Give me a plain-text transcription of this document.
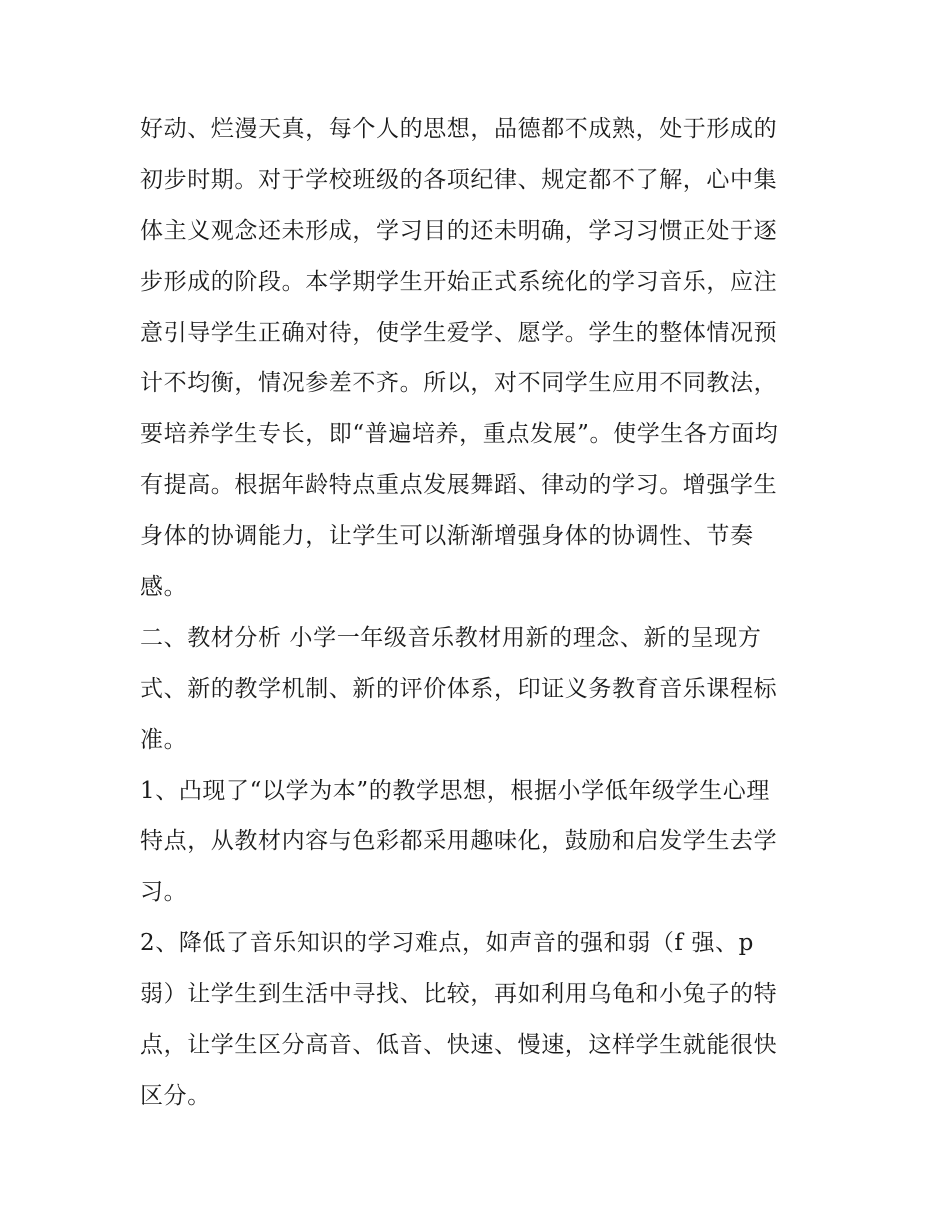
好动、烂漫天真，每个人的思想，品德都不成熟，处于形成的
初步时期。对于学校班级的各项纪律、规定都不了解，心中集
体主义观念还未形成，学习目的还未明确，学习习惯正处于逐
步形成的阶段。本学期学生开始正式系统化的学习音乐，应注
意引导学生正确对待，使学生爱学、愿学。学生的整体情况预
计不均衡，情况参差不齐。所以，对不同学生应用不同教法，
要培养学生专长，即“普遍培养，重点发展”。使学生各方面均
有提高。根据年龄特点重点发展舞蹈、律动的学习。增强学生
身体的协调能力，让学生可以渐渐增强身体的协调性、节奏
感。
二、教材分析 小学一年级音乐教材用新的理念、新的呈现方
式、新的教学机制、新的评价体系，印证义务教育音乐课程标
准。
1、凸现了“以学为本”的教学思想，根据小学低年级学生心理
特点，从教材内容与色彩都采用趣味化，鼓励和启发学生去学
习。
2、降低了音乐知识的学习难点，如声音的强和弱（f 强、p
弱）让学生到生活中寻找、比较，再如利用乌龟和小兔子的特
点，让学生区分高音、低音、快速、慢速，这样学生就能很快
区分。
